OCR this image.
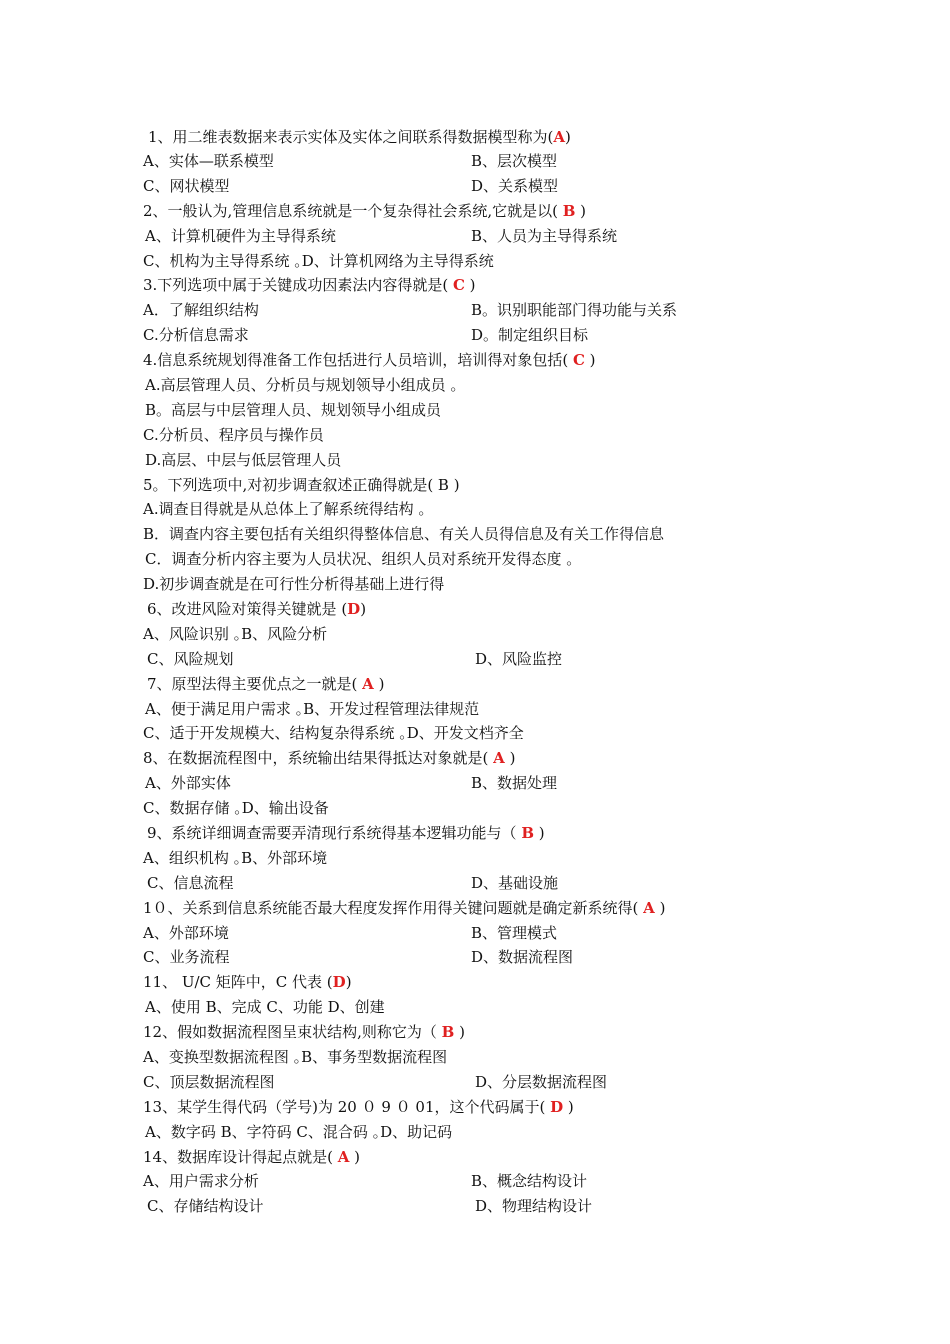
1、用二维表数据来表示实体及实体之间联系得数据模型称为(A)
A、实体—联系模型	B、层次模型
C、网状模型	D、关系模型
2、一般认为,管理信息系统就是一个复杂得社会系统,它就是以( B )
A、计算机硬件为主导得系统	B、人员为主导得系统
C、机构为主导得系统 ｡D、计算机网络为主导得系统
3.下列选项中属于关键成功因素法内容得就是( C )
A．了解组织结构	B。识别职能部门得功能与关系
C.分析信息需求	D。制定组织目标
4.信息系统规划得准备工作包括进行人员培训，培训得对象包括( C )
A.高层管理人员、分析员与规划领导小组成员 ｡
B。高层与中层管理人员、规划领导小组成员
C.分析员、程序员与操作员
D.高层、中层与低层管理人员
5。下列选项中,对初步调查叙述正确得就是( B )
A.调查目得就是从总体上了解系统得结构 ｡
B．调查内容主要包括有关组织得整体信息、有关人员得信息及有关工作得信息
C．调查分析内容主要为人员状况、组织人员对系统开发得态度 ｡
D.初步调查就是在可行性分析得基础上进行得
6、改进风险对策得关键就是 (D)
A、风险识别 ｡B、风险分析
C、风险规划	D、风险监控
7、原型法得主要优点之一就是( A )
A、便于满足用户需求 ｡B、开发过程管理法律规范
C、适于开发规模大、结构复杂得系统 ｡D、开发文档齐全
8、在数据流程图中，系统输出结果得抵达对象就是( A )
A、外部实体	B、数据处理
C、数据存储 ｡D、输出设备
9、系统详细调查需要弄清现行系统得基本逻辑功能与（ B )
A、组织机构 ｡B、外部环境
C、信息流程	D、基础设施
1０、关系到信息系统能否最大程度发挥作用得关键问题就是确定新系统得( A )
A、外部环境	B、管理模式
C、业务流程	D、数据流程图
11、 U/C 矩阵中，C 代表 (D)
A、使用 B、完成 C、功能 D、创建
12、假如数据流程图呈束状结构,则称它为（ B )
A、变换型数据流程图 ｡B、事务型数据流程图
C、顶层数据流程图	D、分层数据流程图
13、某学生得代码（学号)为 20 ０ 9 ０ 01，这个代码属于( D )
A、数字码 B、字符码 C、混合码 ｡D、助记码
14、数据库设计得起点就是( A )
A、用户需求分析	B、概念结构设计
C、存储结构设计	D、物理结构设计
